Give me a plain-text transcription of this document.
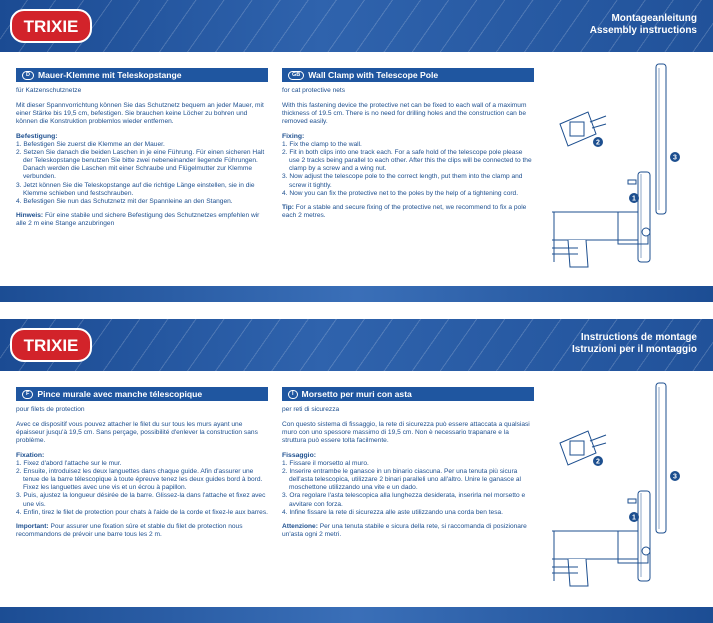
TRIXIE	Montageanleitung
Assembly instructions
D Mauer-Klemme mit Teleskopstange
für Katzenschutznetze
Mit dieser Spannvorrichtung können Sie das Schutznetz bequem an jeder Mauer, mit einer Stärke bis 19,5 cm, befestigen. Sie brauchen keine Löcher zu bohren und können die Konstruktion problemlos wieder entfernen.
Befestigung:
1. Befestigen Sie zuerst die Klemme an der Mauer.
2. Setzen Sie danach die beiden Laschen in je eine Führung. Für einen sicheren Halt der Teleskopstange benutzen Sie bitte zwei nebeneinander liegende Führungen. Danach werden die Laschen mit einer Schraube und Flügelmutter zur Klemme verbunden.
3. Jetzt können Sie die Teleskopstange auf die richtige Länge einstellen, sie in die Klemme schieben und festschrauben.
4. Befestigen Sie nun das Schutznetz mit der Spannleine an den Stangen.
Hinweis: Für eine stabile und sichere Befestigung des Schutznetzes empfehlen wir alle 2 m eine Stange anzubringen
GB Wall Clamp with Telescope Pole
for cat protective nets
With this fastening device the protective net can be fixed to each wall of a maximum thickness of 19.5 cm. There is no need for drilling holes and the construction can be removed easily.
Fixing:
1. Fix the clamp to the wall.
2. Fit in both clips into one track each. For a safe hold of the telescope pole please use 2 tracks being parallel to each other. After this the clips will be connected to the clamp by a screw and a wing nut.
3. Now adjust the telescope pole to the correct length, put them into the clamp and screw it tightly.
4. Now you can fix the protective net to the poles by the help of a tightening cord.
Tip: For a stable and secure fixing of the protective net, we recommend to fix a pole each 2 metres.
2
1
3
TRIXIE	Instructions de montage
Istruzioni per il montaggio
F Pince murale avec manche télescopique
pour filets de protection
Avec ce dispositif vous pouvez attacher le filet du sur tous les murs ayant une épaisseur jusqu'à 19,5 cm. Sans perçage, possibilité d'enlever la construction sans problème.
Fixation:
1. Fixez d'abord l'attache sur le mur.
2. Ensuite, introduisez les deux languettes dans chaque guide. Afin d'assurer une tenue de la barre télescopique à toute épreuve tenez les deux guides bord à bord. Fixez les languettes avec une vis et un écrou à papillon.
3. Puis, ajustez la longueur désirée de la barre. Glissez-la dans l'attache et fixez avec une vis.
4. Enfin, tirez le filet de protection pour chats à l'aide de la corde et fixez-le aux barres.
Important: Pour assurer une fixation sûre et stable du filet de protection nous recommandons de prévoir une barre tous les 2 m.
I Morsetto per muri con asta
per reti di sicurezza
Con questo sistema di fissaggio, la rete di sicurezza può essere attaccata a qualsiasi muro con uno spessore massimo di 19,5 cm. Non è necessario trapanare e la struttura può essere tolta facilmente.
Fissaggio:
1. Fissare il morsetto al muro.
2. Inserire entrambe le ganasce in un binario ciascuna. Per una tenuta più sicura dell'asta telescopica, utilizzare 2 binari paralleli uno all'altro. Unire le ganasce al moschettone utilizzando una vite e un dado.
3. Ora regolare l'asta telescopica alla lunghezza desiderata, inserirla nel morsetto e avvitare con forza.
4. Infine fissare la rete di sicurezza alle aste utilizzando una corda ben tesa.
Attenzione: Per una tenuta stabile e sicura della rete, si raccomanda di posizionare un'asta ogni 2 metri.
2
1
3
